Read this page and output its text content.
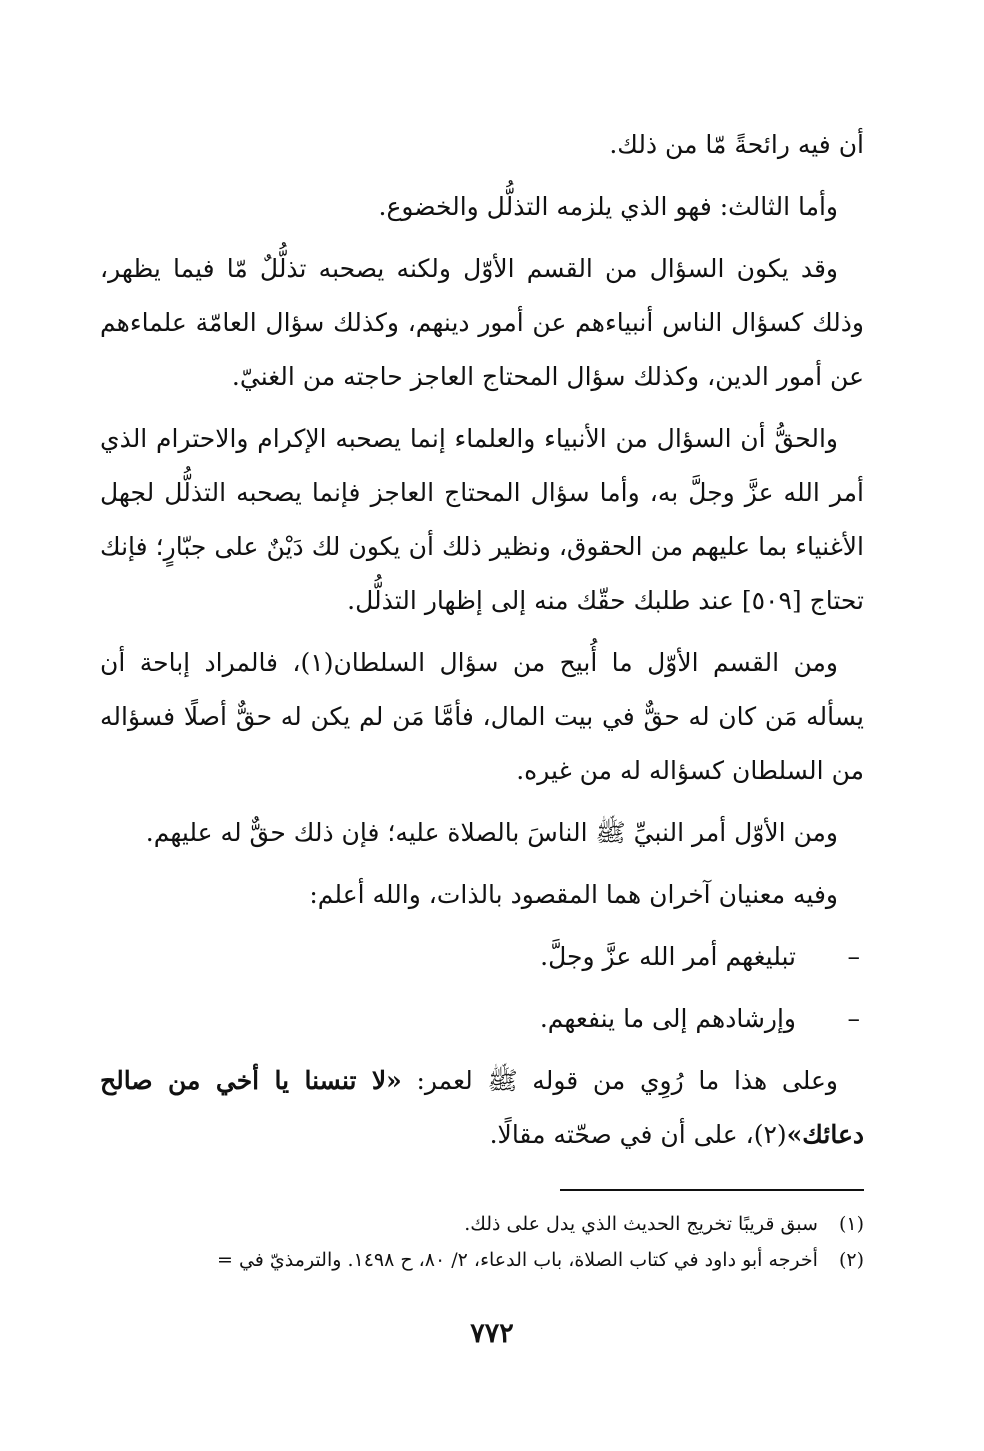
أن فيه رائحةً مّا من ذلك.

وأما الثالث: فهو الذي يلزمه التذلُّل والخضوع.

وقد يكون السؤال من القسم الأوّل ولكنه يصحبه تذلُّلٌ مّا فيما يظهر، وذلك كسؤال الناس أنبياءهم عن أمور دينهم، وكذلك سؤال العامّة علماءهم عن أمور الدين، وكذلك سؤال المحتاج العاجز حاجته من الغنيّ.

والحقُّ أن السؤال من الأنبياء والعلماء إنما يصحبه الإكرام والاحترام الذي أمر الله عزَّ وجلَّ به، وأما سؤال المحتاج العاجز فإنما يصحبه التذلُّل لجهل الأغنياء بما عليهم من الحقوق، ونظير ذلك أن يكون لك دَيْنٌ على جبّارٍ؛ فإنك تحتاج [٥٠٩] عند طلبك حقّك منه إلى إظهار التذلُّل.

ومن القسم الأوّل ما أُبيح من سؤال السلطان(١)، فالمراد إباحة أن يسأله مَن كان له حقٌّ في بيت المال، فأمَّا مَن لم يكن له حقٌّ أصلًا فسؤاله من السلطان كسؤاله له من غيره.

ومن الأوّل أمر النبيِّ ﷺ الناسَ بالصلاة عليه؛ فإن ذلك حقٌّ له عليهم.

وفيه معنيان آخران هما المقصود بالذات، والله أعلم:

–
تبليغهم أمر الله عزَّ وجلَّ.
–
وإرشادهم إلى ما ينفعهم.

وعلى هذا ما رُوِي من قوله ﷺ لعمر: «لا تنسنا يا أخي من صالح دعائك»(٢)، على أن في صحّته مقالًا.

(١) سبق قريبًا تخريج الحديث الذي يدل على ذلك.

(٢) أخرجه أبو داود في كتاب الصلاة، باب الدعاء، ٢/ ٨٠، ح ١٤٩٨. والترمذيّ في =

٧٧٢
